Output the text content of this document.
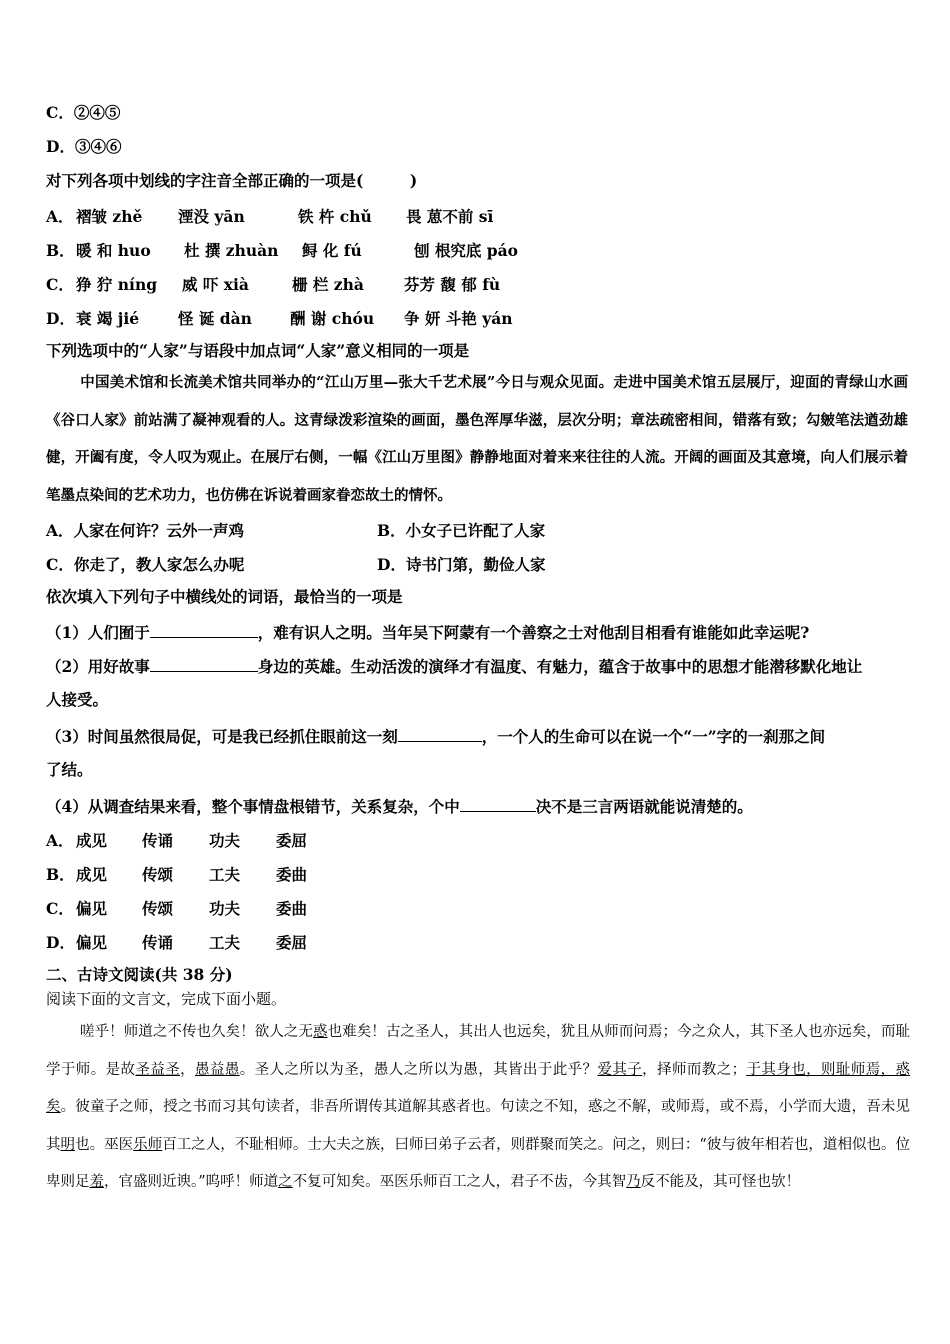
C．②④⑤
D．③④⑥
对下列各项中划线的字注音全部正确的一项是(　　　)
A． 褶皱 zhě 湮没 yān	铁 杵 chǔ 畏 葸不前 sī
B．暖 和 huo 杜 撰 zhuàn 鲟 化 fú	刨 根究底 páo
C． 狰 狞 níng 威 吓 xià	栅 栏 zhà	芬芳 馥 郁 fù
D．衰 竭 jié	怪 诞 dàn 酬 谢 chóu 争 妍 斗艳 yán
下列选项中的“人家”与语段中加点词“人家”意义相同的一项是
中国美术馆和长流美术馆共同举办的“江山万里—张大千艺术展”今日与观众见面。走进中国美术馆五层展厅，迎面的青绿山水画《谷口人家》前站满了凝神观看的人。这青绿泼彩渲染的画面，墨色浑厚华滋，层次分明；章法疏密相间，错落有致；勾皴笔法遒劲雄健，开阖有度，令人叹为观止。在展厅右侧，一幅《江山万里图》静静地面对着来来往往的人流。开阔的画面及其意境，向人们展示着笔墨点染间的艺术功力，也仿佛在诉说着画家眷恋故土的情怀。
A．人家在何许？云外一声鸡	B．小女子已许配了人家
C．你走了，教人家怎么办呢	D．诗书门第，勤俭人家
依次填入下列句子中横线处的词语，最恰当的一项是
（1）人们囿于	，难有识人之明。当年吴下阿蒙有一个善察之士对他刮目相看有谁能如此幸运呢?
（2）用好故事	身边的英雄。生动活泼的演绎才有温度、有魅力，蕴含于故事中的思想才能潜移默化地让
人接受。
（3）时间虽然很局促，可是我已经抓住眼前这一刻	，一个人的生命可以在说一个“一”字的一刹那之间
了结。
（4）从调查结果来看，整个事情盘根错节，关系复杂，个中	决不是三言两语就能说清楚的。
A． 成见 传诵 功夫 委屈
B．成见 传颂 工夫 委曲
C． 偏见 传颂 功夫 委曲
D．偏见 传诵 工夫 委屈
二、古诗文阅读(共 38 分)
阅读下面的文言文，完成下面小题。
嗟乎！师道之不传也久矣！欲人之无惑也难矣！古之圣人，其出人也远矣，犹且从师而问焉；今之众人，其下圣人也亦远矣，而耻学于师。是故圣益圣，愚益愚。圣人之所以为圣，愚人之所以为愚，其皆出于此乎？爱其子，择师而教之；于其身也，则耻师焉，惑矣。彼童子之师，授之书而习其句读者，非吾所谓传其道解其惑者也。句读之不知，惑之不解，或师焉，或不焉，小学而大遗，吾未见其明也。巫医乐师百工之人，不耻相师。士大夫之族，曰师曰弟子云者，则群聚而笑之。问之，则曰：“彼与彼年相若也，道相似也。位卑则足羞，官盛则近谀。”呜呼！师道之不复可知矣。巫医乐师百工之人，君子不齿，今其智乃反不能及，其可怪也欤！
